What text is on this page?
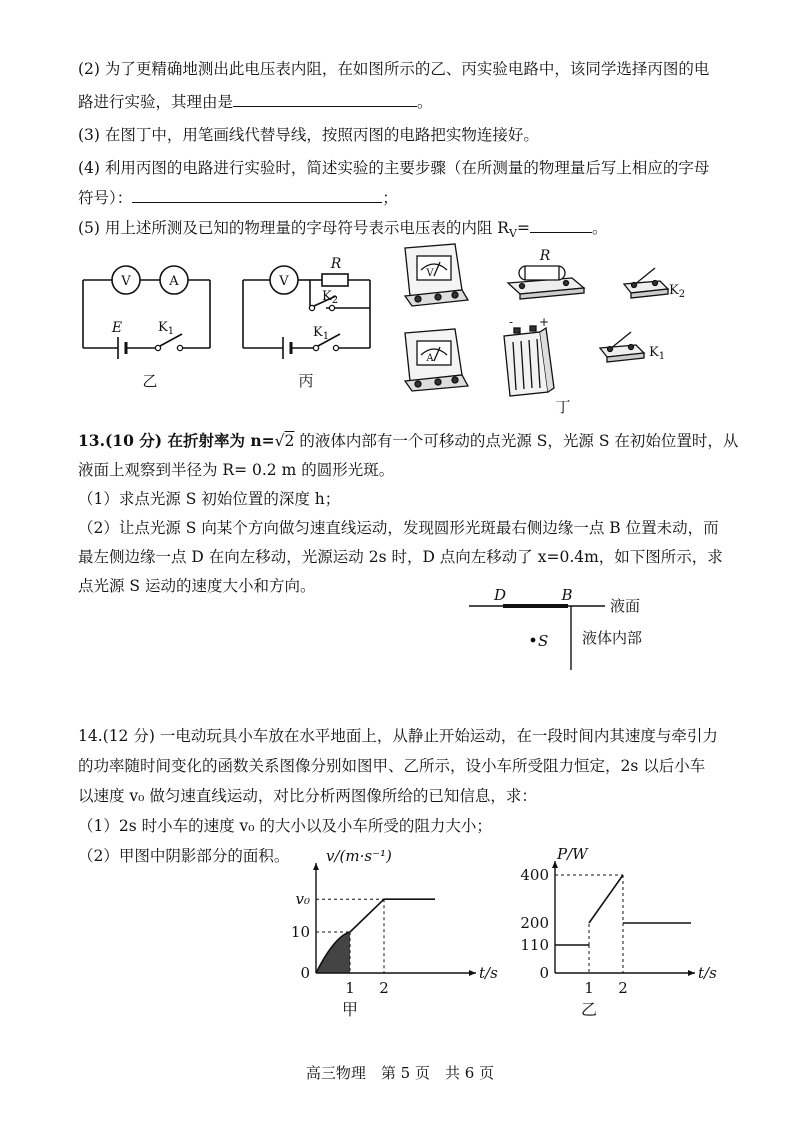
(2) 为了更精确地测出此电压表内阻，在如图所示的乙、丙实验电路中，该同学选择丙图的电
路进行实验，其理由是	。
(3) 在图丁中，用笔画线代替导线，按照丙图的电路把实物连接好。
(4) 利用丙图的电路进行实验时，简述实验的主要步骤（在所测量的物理量后写上相应的字母
符号）：	；
(5) 用上述所测及已知的物理量的字母符号表示电压表的内阻 $R_V=$	。
V	A
E	$K_1$
乙
V
R
$K_2$
$K_1$
丙
V
A
R
- +
$K_2$
$K_1$
丁
D	B
液面
液体内部
S
13.(10 分) 在折射率为 n=√2 的液体内部有一个可移动的点光源 S，光源 S 在初始位置时，从
液面上观察到半径为 R= 0.2 m 的圆形光斑。
（1）求点光源 S 初始位置的深度 h；
（2）让点光源 S 向某个方向做匀速直线运动，发现圆形光斑最右侧边缘一点 B 位置未动，而
最左侧边缘一点 D 在向左移动，光源运动 2s 时，D 点向左移动了 x=0.4m，如下图所示，求
点光源 S 运动的速度大小和方向。
14.(12 分) 一电动玩具小车放在水平地面上，从静止开始运动，在一段时间内其速度与牵引力
的功率随时间变化的函数关系图像分别如图甲、乙所示，设小车所受阻力恒定，2s 以后小车
以速度 v₀ 做匀速直线运动，对比分析两图像所给的已知信息，求：
（1）2s 时小车的速度 v₀ 的大小以及小车所受的阻力大小；
（2）甲图中阴影部分的面积。
0
10
v₀
1 2
t/s
v/(m·s⁻¹)
甲
0
110
200
400
1 2
t/s
P/W
乙
高三物理　第 5 页　共 6 页
